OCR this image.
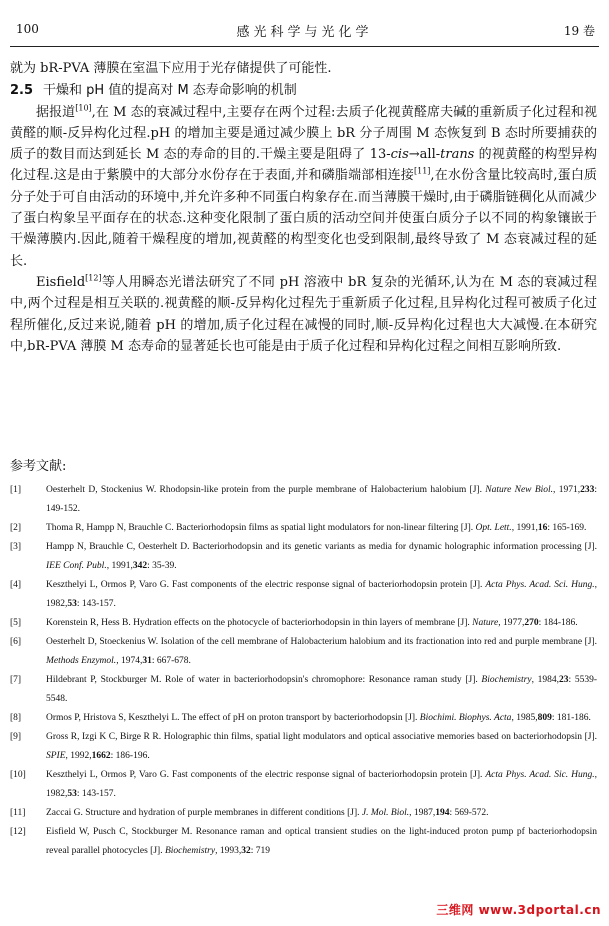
100	感光科学与光化学	19 卷

就为 bR-PVA 薄膜在室温下应用于光存储提供了可能性.

2.5 干燥和 pH 值的提高对 M 态寿命影响的机制

据报道[10],在 M 态的衰减过程中,主要存在两个过程:去质子化视黄醛席夫碱的重新质子化过程和视黄醛的顺-反异构化过程.pH 的增加主要是通过减少膜上 bR 分子周围 M 态恢复到 B 态时所要捕获的质子的数目而达到延长 M 态的寿命的目的.干燥主要是阻碍了 13-cis→all-trans 的视黄醛的构型异构化过程.这是由于紫膜中的大部分水份存在于表面,并和磷脂端部相连接[11],在水份含量比较高时,蛋白质分子处于可自由活动的环境中,并允许多种不同蛋白构象存在.而当薄膜干燥时,由于磷脂链稠化从而减少了蛋白构象呈平面存在的状态.这种变化限制了蛋白质的活动空间并使蛋白质分子以不同的构象镶嵌于干燥薄膜内.因此,随着干燥程度的增加,视黄醛的构型变化也受到限制,最终导致了 M 态衰减过程的延长.

Eisfield[12]等人用瞬态光谱法研究了不同 pH 溶液中 bR 复杂的光循环,认为在 M 态的衰减过程中,两个过程是相互关联的.视黄醛的顺-反异构化过程先于重新质子化过程,且异构化过程可被质子化过程所催化,反过来说,随着 pH 的增加,质子化过程在减慢的同时,顺-反异构化过程也大大减慢.在本研究中,bR-PVA 薄膜 M 态寿命的显著延长也可能是由于质子化过程和异构化过程之间相互影响所致.

参考文献:

[1]	Oesterhelt D, Stockenius W. Rhodopsin-like protein from the purple membrane of Halobacterium halobium [J]. Nature New Biol., 1971,233: 149-152.

[2]	Thoma R, Hampp N, Brauchle C. Bacteriorhodopsin films as spatial light modulators for non-linear filtering [J]. Opt. Lett., 1991,16: 165-169.

[3]	Hampp N, Brauchle C, Oesterhelt D. Bacteriorhodopsin and its genetic variants as media for dynamic holographic information processing [J]. IEE Conf. Publ., 1991,342: 35-39.

[4]	Keszthelyi L, Ormos P, Varo G. Fast components of the electric response signal of bacteriorhodopsin protein [J]. Acta Phys. Acad. Sci. Hung., 1982,53: 143-157.

[5]	Korenstein R, Hess B. Hydration effects on the photocycle of bacteriorhodopsin in thin layers of membrane [J]. Nature, 1977,270: 184-186.

[6]	Oesterhelt D, Stoeckenius W. Isolation of the cell membrane of Halobacterium halobium and its fractionation into red and purple membrane [J]. Methods Enzymol., 1974,31: 667-678.

[7]	Hildebrant P, Stockburger M. Role of water in bacteriorhodopsin's chromophore: Resonance raman study [J]. Biochemistry, 1984,23: 5539-5548.

[8]	Ormos P, Hristova S, Keszthelyi L. The effect of pH on proton transport by bacteriorhodopsin [J]. Biochimi. Biophys. Acta, 1985,809: 181-186.

[9]	Gross R, Izgi K C, Birge R R. Holographic thin films, spatial light modulators and optical associative memories based on bacteriorhodopsin [J]. SPIE, 1992,1662: 186-196.

[10] Keszthelyi L, Ormos P, Varo G. Fast components of the electric response signal of bacteriorhodopsin protein [J]. Acta Phys. Acad. Sic. Hung., 1982,53: 143-157.

[11] Zaccai G. Structure and hydration of purple membranes in different conditions [J]. J. Mol. Biol., 1987,194: 569-572.

[12] Eisfield W, Pusch C, Stockburger M. Resonance raman and optical transient studies on the light-induced proton pump pf bacteriorhodopsin reveal parallel photocycles [J]. Biochemistry, 1993,32: 719

三维网 www.3dportal.cn
